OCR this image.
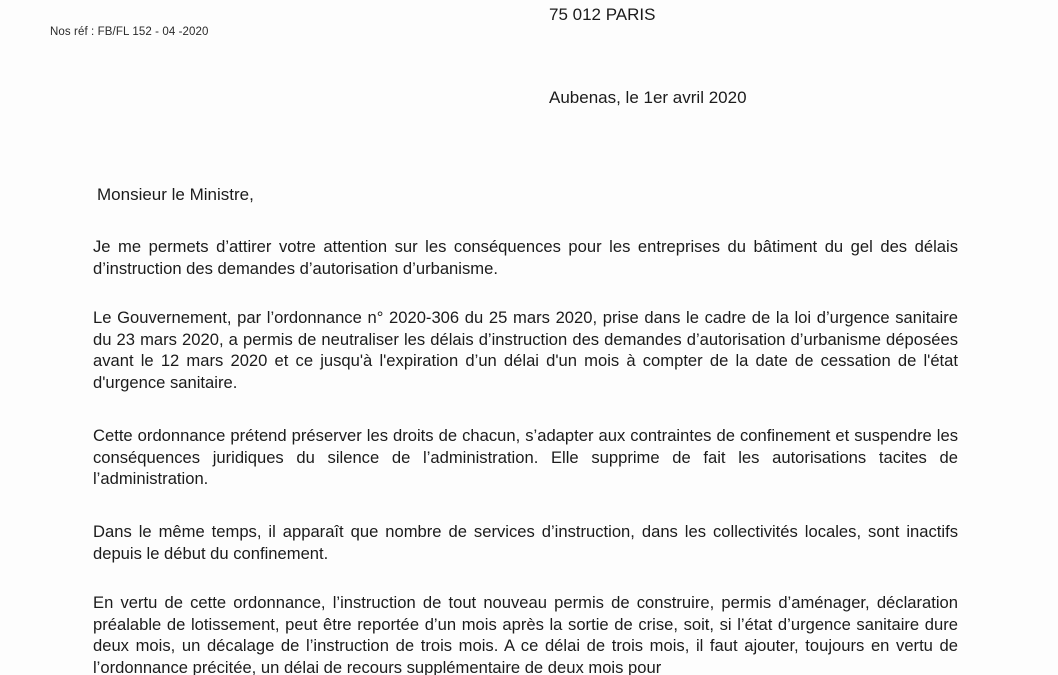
75 012 PARIS
Nos réf : FB/FL 152 - 04 -2020
Aubenas, le 1er avril 2020
Monsieur le Ministre,
Je me permets d’attirer votre attention sur les conséquences pour les entreprises du bâtiment du gel des délais d’instruction des demandes d’autorisation d’urbanisme.
Le Gouvernement, par l’ordonnance n° 2020-306 du 25 mars 2020, prise dans le cadre de la loi d’urgence sanitaire du 23 mars 2020, a permis de neutraliser les délais d’instruction des demandes d’autorisation d’urbanisme déposées avant le 12 mars 2020 et ce jusqu'à l'expiration d’un délai d'un mois à compter de la date de cessation de l'état d'urgence sanitaire.
Cette ordonnance prétend préserver les droits de chacun, s’adapter aux contraintes de confinement et suspendre les conséquences juridiques du silence de l’administration. Elle supprime de fait les autorisations tacites de l’administration.
Dans le même temps, il apparaît que nombre de services d’instruction, dans les collectivités locales, sont inactifs depuis le début du confinement.
En vertu de cette ordonnance, l’instruction de tout nouveau permis de construire, permis d’aménager, déclaration préalable de lotissement, peut être reportée d’un mois après la sortie de crise, soit, si l’état d’urgence sanitaire dure deux mois, un décalage de l’instruction de trois mois. A ce délai de trois mois, il faut ajouter, toujours en vertu de l’ordonnance précitée, un délai de recours supplémentaire de deux mois pour
